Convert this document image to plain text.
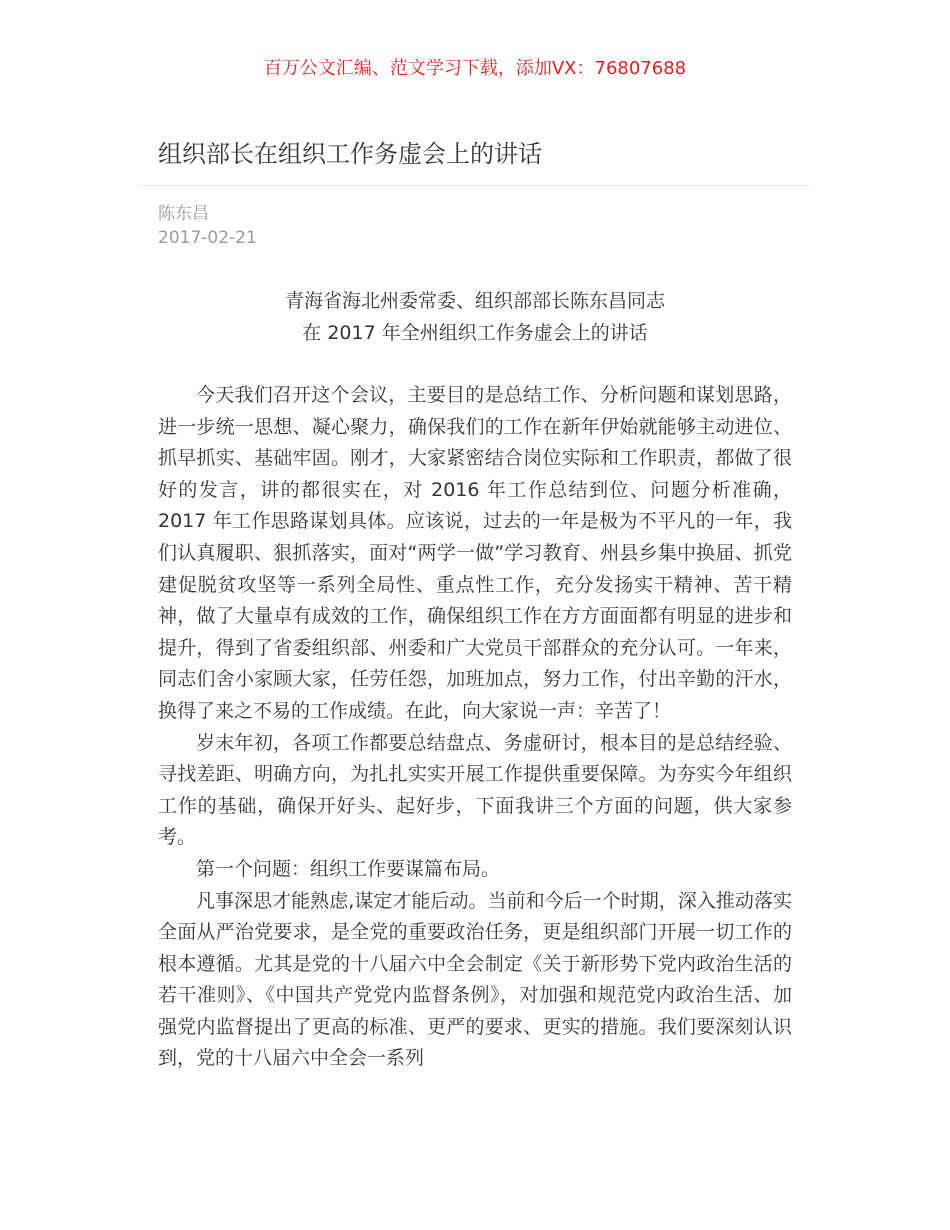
百万公文汇编、范文学习下载，添加VX：76807688
组织部长在组织工作务虚会上的讲话
陈东昌
2017-02-21
青海省海北州委常委、组织部部长陈东昌同志
在 2017 年全州组织工作务虚会上的讲话

今天我们召开这个会议，主要目的是总结工作、分析问题和谋划思路，进一步统一思想、凝心聚力，确保我们的工作在新年伊始就能够主动进位、抓早抓实、基础牢固。刚才，大家紧密结合岗位实际和工作职责，都做了很好的发言，讲的都很实在，对 2016 年工作总结到位、问题分析准确，2017 年工作思路谋划具体。应该说，过去的一年是极为不平凡的一年，我们认真履职、狠抓落实，面对“两学一做”学习教育、州县乡集中换届、抓党建促脱贫攻坚等一系列全局性、重点性工作，充分发扬实干精神、苦干精神，做了大量卓有成效的工作，确保组织工作在方方面面都有明显的进步和提升，得到了省委组织部、州委和广大党员干部群众的充分认可。一年来，同志们舍小家顾大家，任劳任怨，加班加点，努力工作，付出辛勤的汗水，换得了来之不易的工作成绩。在此，向大家说一声：辛苦了！

岁末年初，各项工作都要总结盘点、务虚研讨，根本目的是总结经验、寻找差距、明确方向，为扎扎实实开展工作提供重要保障。为夯实今年组织工作的基础，确保开好头、起好步，下面我讲三个方面的问题，供大家参考。

第一个问题：组织工作要谋篇布局。

凡事深思才能熟虑,谋定才能后动。当前和今后一个时期，深入推动落实全面从严治党要求，是全党的重要政治任务，更是组织部门开展一切工作的根本遵循。尤其是党的十八届六中全会制定《关于新形势下党内政治生活的若干准则》、《中国共产党党内监督条例》，对加强和规范党内政治生活、加强党内监督提出了更高的标准、更严的要求、更实的措施。我们要深刻认识到，党的十八届六中全会一系列
